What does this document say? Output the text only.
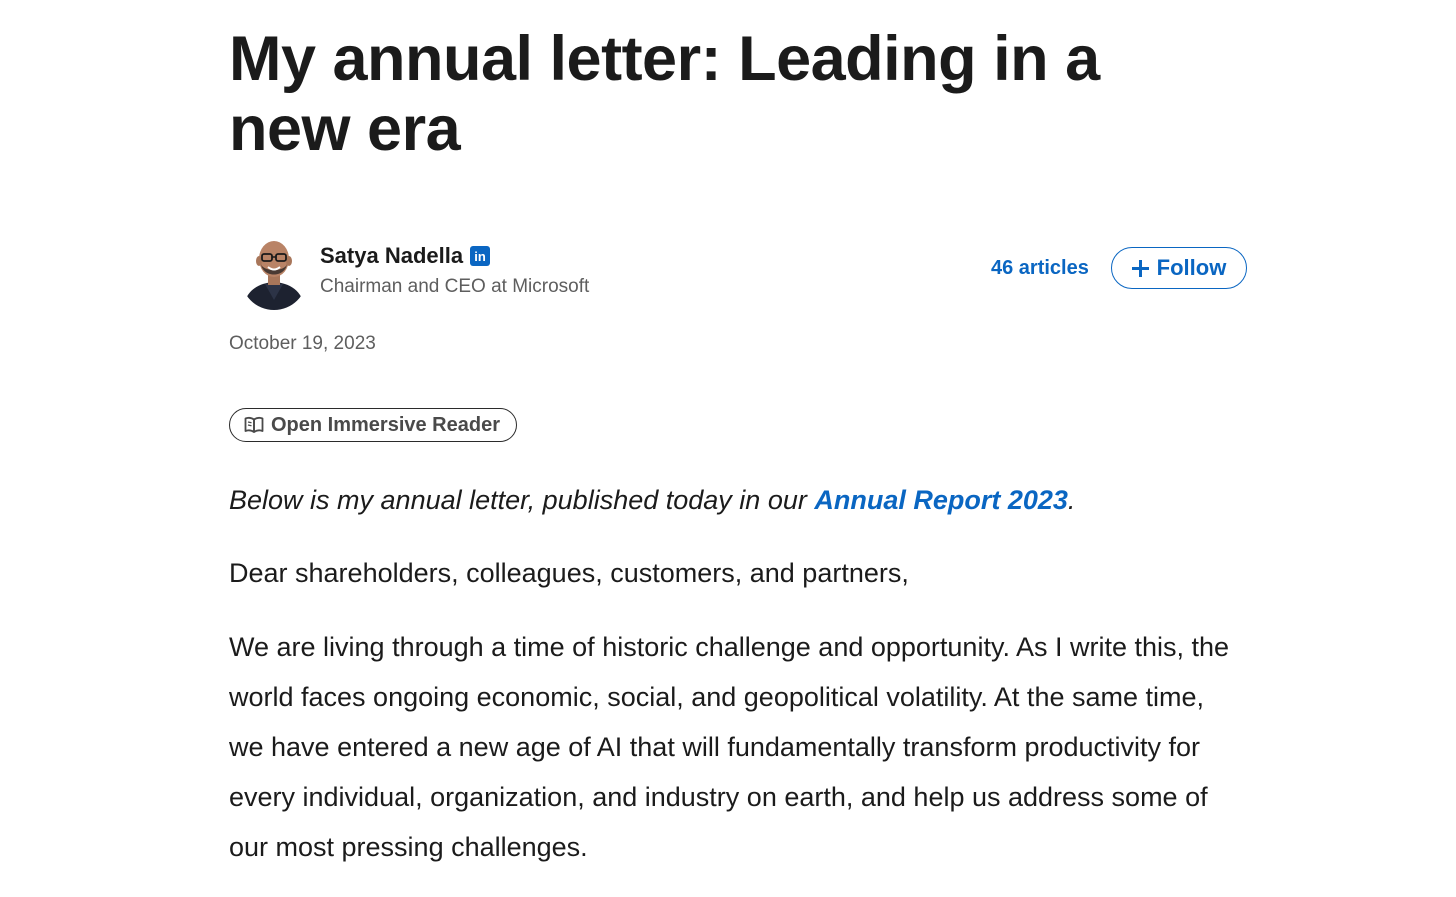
My annual letter: Leading in a new era
Satya Nadella in
Chairman and CEO at Microsoft
46 articles	Follow
October 19, 2023
Open Immersive Reader

Below is my annual letter, published today in our Annual Report 2023.

Dear shareholders, colleagues, customers, and partners,

We are living through a time of historic challenge and opportunity. As I write this, the world faces ongoing economic, social, and geopolitical volatility. At the same time, we have entered a new age of AI that will fundamentally transform productivity for every individual, organization, and industry on earth, and help us address some of our most pressing challenges.
